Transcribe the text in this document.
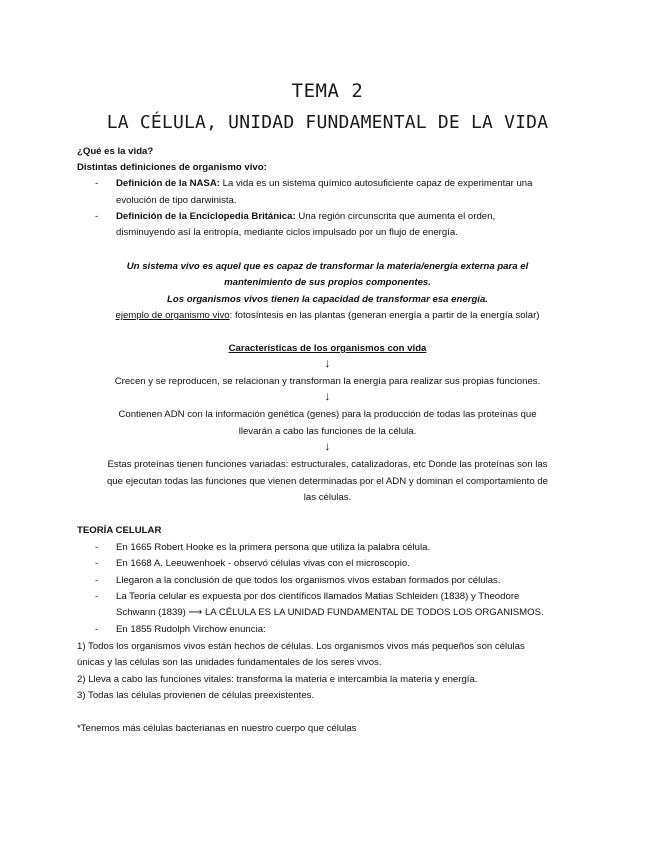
TEMA 2
LA CÉLULA, UNIDAD FUNDAMENTAL DE LA VIDA
¿Qué es la vida?
Distintas definiciones de organismo vivo:
- Definición de la NASA: La vida es un sistema químico autosuficiente capaz de experimentar una
evolución de tipo darwinista.
- Definición de la Enciclopedia Británica: Una región circunscrita que aumenta el orden,
disminuyendo así la entropía, mediante ciclos impulsado por un flujo de energía.
Un sistema vivo es aquel que es capaz de transformar la materia/energía externa para el
mantenimiento de sus propios componentes.
Los organismos vivos tienen la capacidad de transformar esa energía.
ejemplo de organismo vivo: fotosíntesis en las plantas (generan energía a partir de la energía solar)
Características de los organismos con vida
↓
Crecen y se reproducen, se relacionan y transforman la energía para realizar sus propias funciones.
↓
Contienen ADN con la información genética (genes) para la producción de todas las proteínas que
llevarán a cabo las funciones de la célula.
↓
Estas proteínas tienen funciones variadas: estructurales, catalizadoras, etc Donde las proteínas son las
que ejecutan todas las funciones que vienen determinadas por el ADN y dominan el comportamiento de
las células.
TEORÍA CELULAR
- En 1665 Robert Hooke es la primera persona que utiliza la palabra célula.
- En 1668 A. Leeuwenhoek - observó células vivas con el microscopio.
- Llegaron a la conclusión de que todos los organismos vivos estaban formados por células.
- La Teoría celular es expuesta por dos científicos llamados Matias Schleiden (1838) y Theodore
Schwann (1839) ⟶ LA CÉLULA ES LA UNIDAD FUNDAMENTAL DE TODOS LOS ORGANISMOS.
- En 1855 Rudolph Virchow enuncia:
1) Todos los organismos vivos están hechos de células. Los organismos vivos más pequeños son células
únicas y las células son las unidades fundamentales de los seres vivos.
2) Lleva a cabo las funciones vitales: transforma la materia e intercambia la materia y energía.
3) Todas las células provienen de células preexistentes.
*Tenemos más células bacterianas en nuestro cuerpo que células
